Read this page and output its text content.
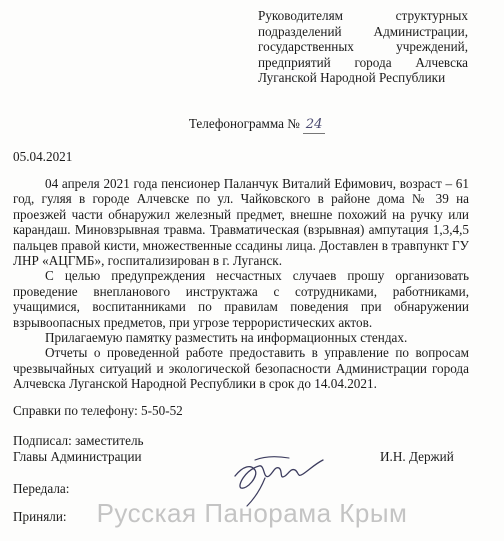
Руководителям структурных подразделений Администрации, государственных учреждений, предприятий города Алчевска Луганской Народной Республики
Телефонограмма № 24
05.04.2021

04 апреля 2021 года пенсионер Паланчук Виталий Ефимович, возраст – 61 год, гуляя в городе Алчевске по ул. Чайковского в районе дома № 39 на проезжей части обнаружил железный предмет, внешне похожий на ручку или карандаш. Миновзрывная травма. Травматическая (взрывная) ампутация 1,3,4,5 пальцев правой кисти, множественные ссадины лица. Доставлен в травпункт ГУ ЛНР «АЦГМБ», госпитализирован в г. Луганск.

С целью предупреждения несчастных случаев прошу организовать проведение внепланового инструктажа с сотрудниками, работниками, учащимися, воспитанниками по правилам поведения при обнаружении взрывоопасных предметов, при угрозе террористических актов.

Прилагаемую памятку разместить на информационных стендах.

Отчеты о проведенной работе предоставить в управление по вопросам чрезвычайных ситуаций и экологической безопасности Администрации города Алчевска Луганской Народной Республики в срок до 14.04.2021.

Справки по телефону: 5-50-52
Подписал: заместитель
Главы Администрации	И.Н. Держий
Передала:
Приняли:	Русская Панорама Крым
